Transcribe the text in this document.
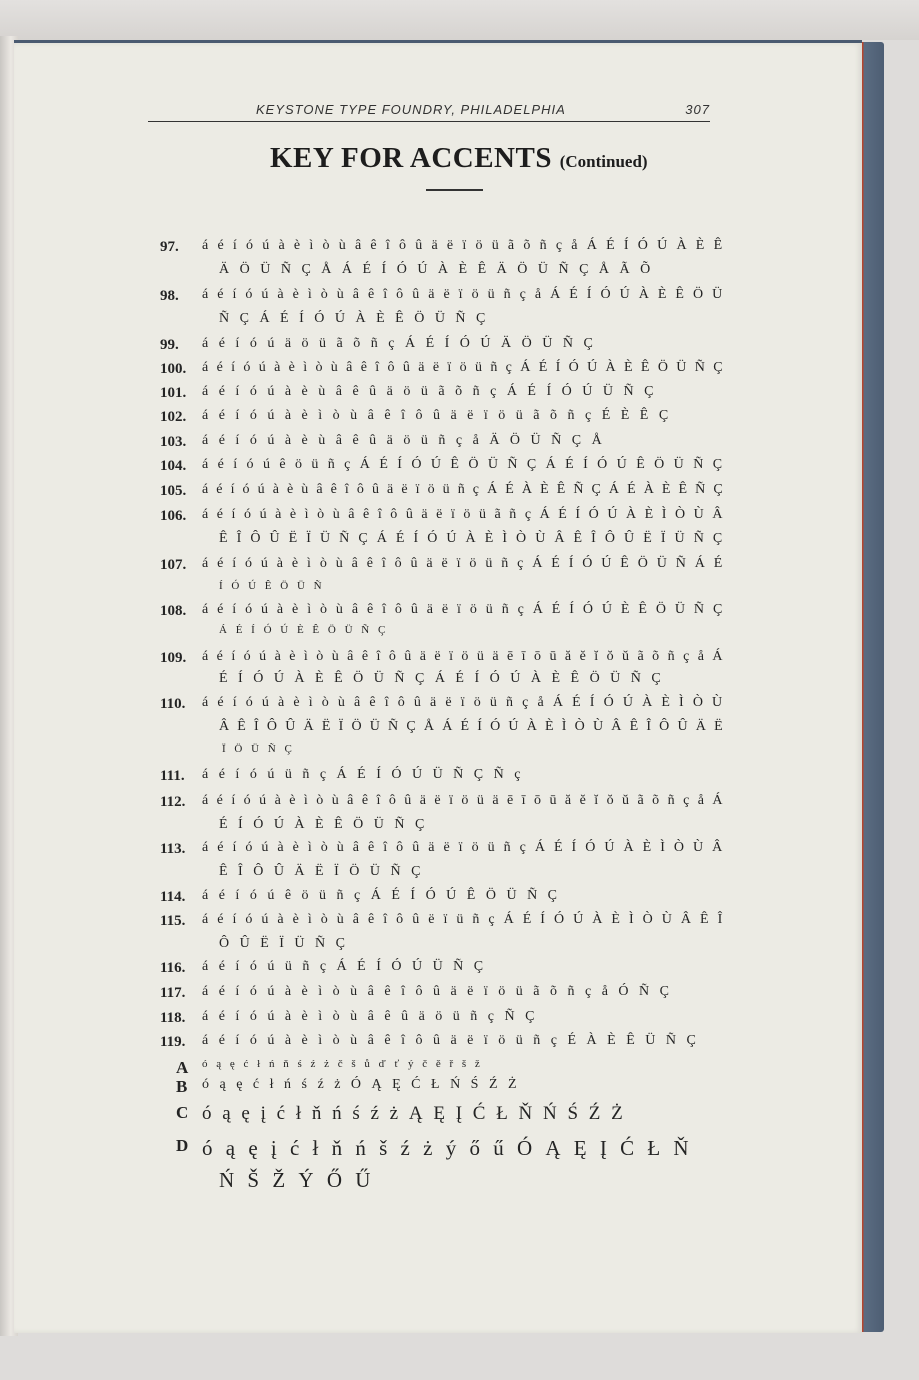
KEYSTONE TYPE FOUNDRY, PHILADELPHIA	307
KEY FOR ACCENTS (Continued)
97. á é í ó ú à è ì ò ù â ê î ô û ä ë ï ö ü ã õ ñ ç å Á É Í Ó Ú À È Ê
Ä Ö Ü Ñ Ç Å Á É Í Ó Ú À È Ê Ä Ö Ü Ñ Ç Å Ã Õ
98. á é í ó ú à è ì ò ù â ê î ô û ä ë ï ö ü ñ ç å Á É Í Ó Ú À È Ê Ö Ü
Ñ Ç Á É Í Ó Ú À È Ê Ö Ü Ñ Ç
99. á é í ó ú ä ö ü ã õ ñ ç Á É Í Ó Ú Ä Ö Ü Ñ Ç
100. á é í ó ú à è ì ò ù â ê î ô û ä ë ï ö ü ñ ç Á É Í Ó Ú À È Ê Ö Ü Ñ Ç
101. á é í ó ú à è ù â ê û ä ö ü ã õ ñ ç Á É Í Ó Ú Ü Ñ Ç
102. á é í ó ú à è ì ò ù â ê î ô û ä ë ï ö ü ã õ ñ ç É È Ê Ç
103. á é í ó ú à è ù â ê û ä ö ü ñ ç å Ä Ö Ü Ñ Ç Å
104. á é í ó ú ê ö ü ñ ç Á É Í Ó Ú Ê Ö Ü Ñ Ç Á É Í Ó Ú Ê Ö Ü Ñ Ç
105. á é í ó ú à è ù â ê î ô û ä ë ï ö ü ñ ç Á É À È Ê Ñ Ç Á É À È Ê Ñ Ç
106. á é í ó ú à è ì ò ù â ê î ô û ä ë ï ö ü ã ñ ç Á É Í Ó Ú À È Ì Ò Ù Â
Ê Î Ô Û Ë Ï Ü Ñ Ç Á É Í Ó Ú À È Ì Ò Ù Â Ê Î Ô Û Ë Ï Ü Ñ Ç
107. á é í ó ú à è ì ò ù â ê î ô û ä ë ï ö ü ñ ç Á É Í Ó Ú Ê Ö Ü Ñ Á É
Í Ó Ú Ê Ö Ü Ñ
108. á é í ó ú à è ì ò ù â ê î ô û ä ë ï ö ü ñ ç Á É Í Ó Ú È Ê Ö Ü Ñ Ç
Á É Í Ó Ú È Ê Ö Ü Ñ Ç
109. á é í ó ú à è ì ò ù â ê î ô û ä ë ï ö ü ä ē ī ō ū ă ĕ ĭ ŏ ŭ ã õ ñ ç å Á
É Í Ó Ú À È Ê Ö Ü Ñ Ç Á É Í Ó Ú À È Ê Ö Ü Ñ Ç
110. á é í ó ú à è ì ò ù â ê î ô û ä ë ï ö ü ñ ç å Á É Í Ó Ú À È Ì Ò Ù
Â Ê Î Ô Û Ä Ë Ï Ö Ü Ñ Ç Å Á É Í Ó Ú À È Ì Ò Ù Â Ê Î Ô Û Ä Ë
Ï Ö Ü Ñ Ç
111. á é í ó ú ü ñ ç Á É Í Ó Ú Ü Ñ Ç Ñ ç
112. á é í ó ú à è ì ò ù â ê î ô û ä ë ï ö ü ä ē ī ō ū ă ĕ ĭ ŏ ŭ ã õ ñ ç å Á
É Í Ó Ú À È Ê Ö Ü Ñ Ç
113. á é í ó ú à è ì ò ù â ê î ô û ä ë ï ö ü ñ ç Á É Í Ó Ú À È Ì Ò Ù Â
Ê Î Ô Û Ä Ë Ï Ö Ü Ñ Ç
114. á é í ó ú ê ö ü ñ ç Á É Í Ó Ú Ê Ö Ü Ñ Ç
115. á é í ó ú à è ì ò ù â ê î ô û ë ï ü ñ ç Á É Í Ó Ú À È Ì Ò Ù Â Ê Î
Ô Û Ë Ï Ü Ñ Ç
116. á é í ó ú ü ñ ç Á É Í Ó Ú Ü Ñ Ç
117. á é í ó ú à è ì ò ù â ê î ô û ä ë ï ö ü ã õ ñ ç å Ó Ñ Ç
118. á é í ó ú à è ì ò ù â ê û ä ö ü ñ ç Ñ Ç
119. á é í ó ú à è ì ò ù â ê î ô û ä ë ï ö ü ñ ç É À È Ê Ü Ñ Ç
A ó ą ę ć ł ń ň ś ź ż č š ů ď ť ý č ě ř š ž
B ó ą ę ć ł ń ś ź ż Ó Ą Ę Ć Ł Ń Ś Ź Ż
C ó ą ę į ć ł ň ń ś ź ż Ą Ę Į Ć Ł Ň Ń Ś Ź Ż
D ó ą ę į ć ł ň ń š ź ż ý ő ű Ó Ą Ę Į Ć Ł Ň
Ń Š Ž Ý Ő Ű
